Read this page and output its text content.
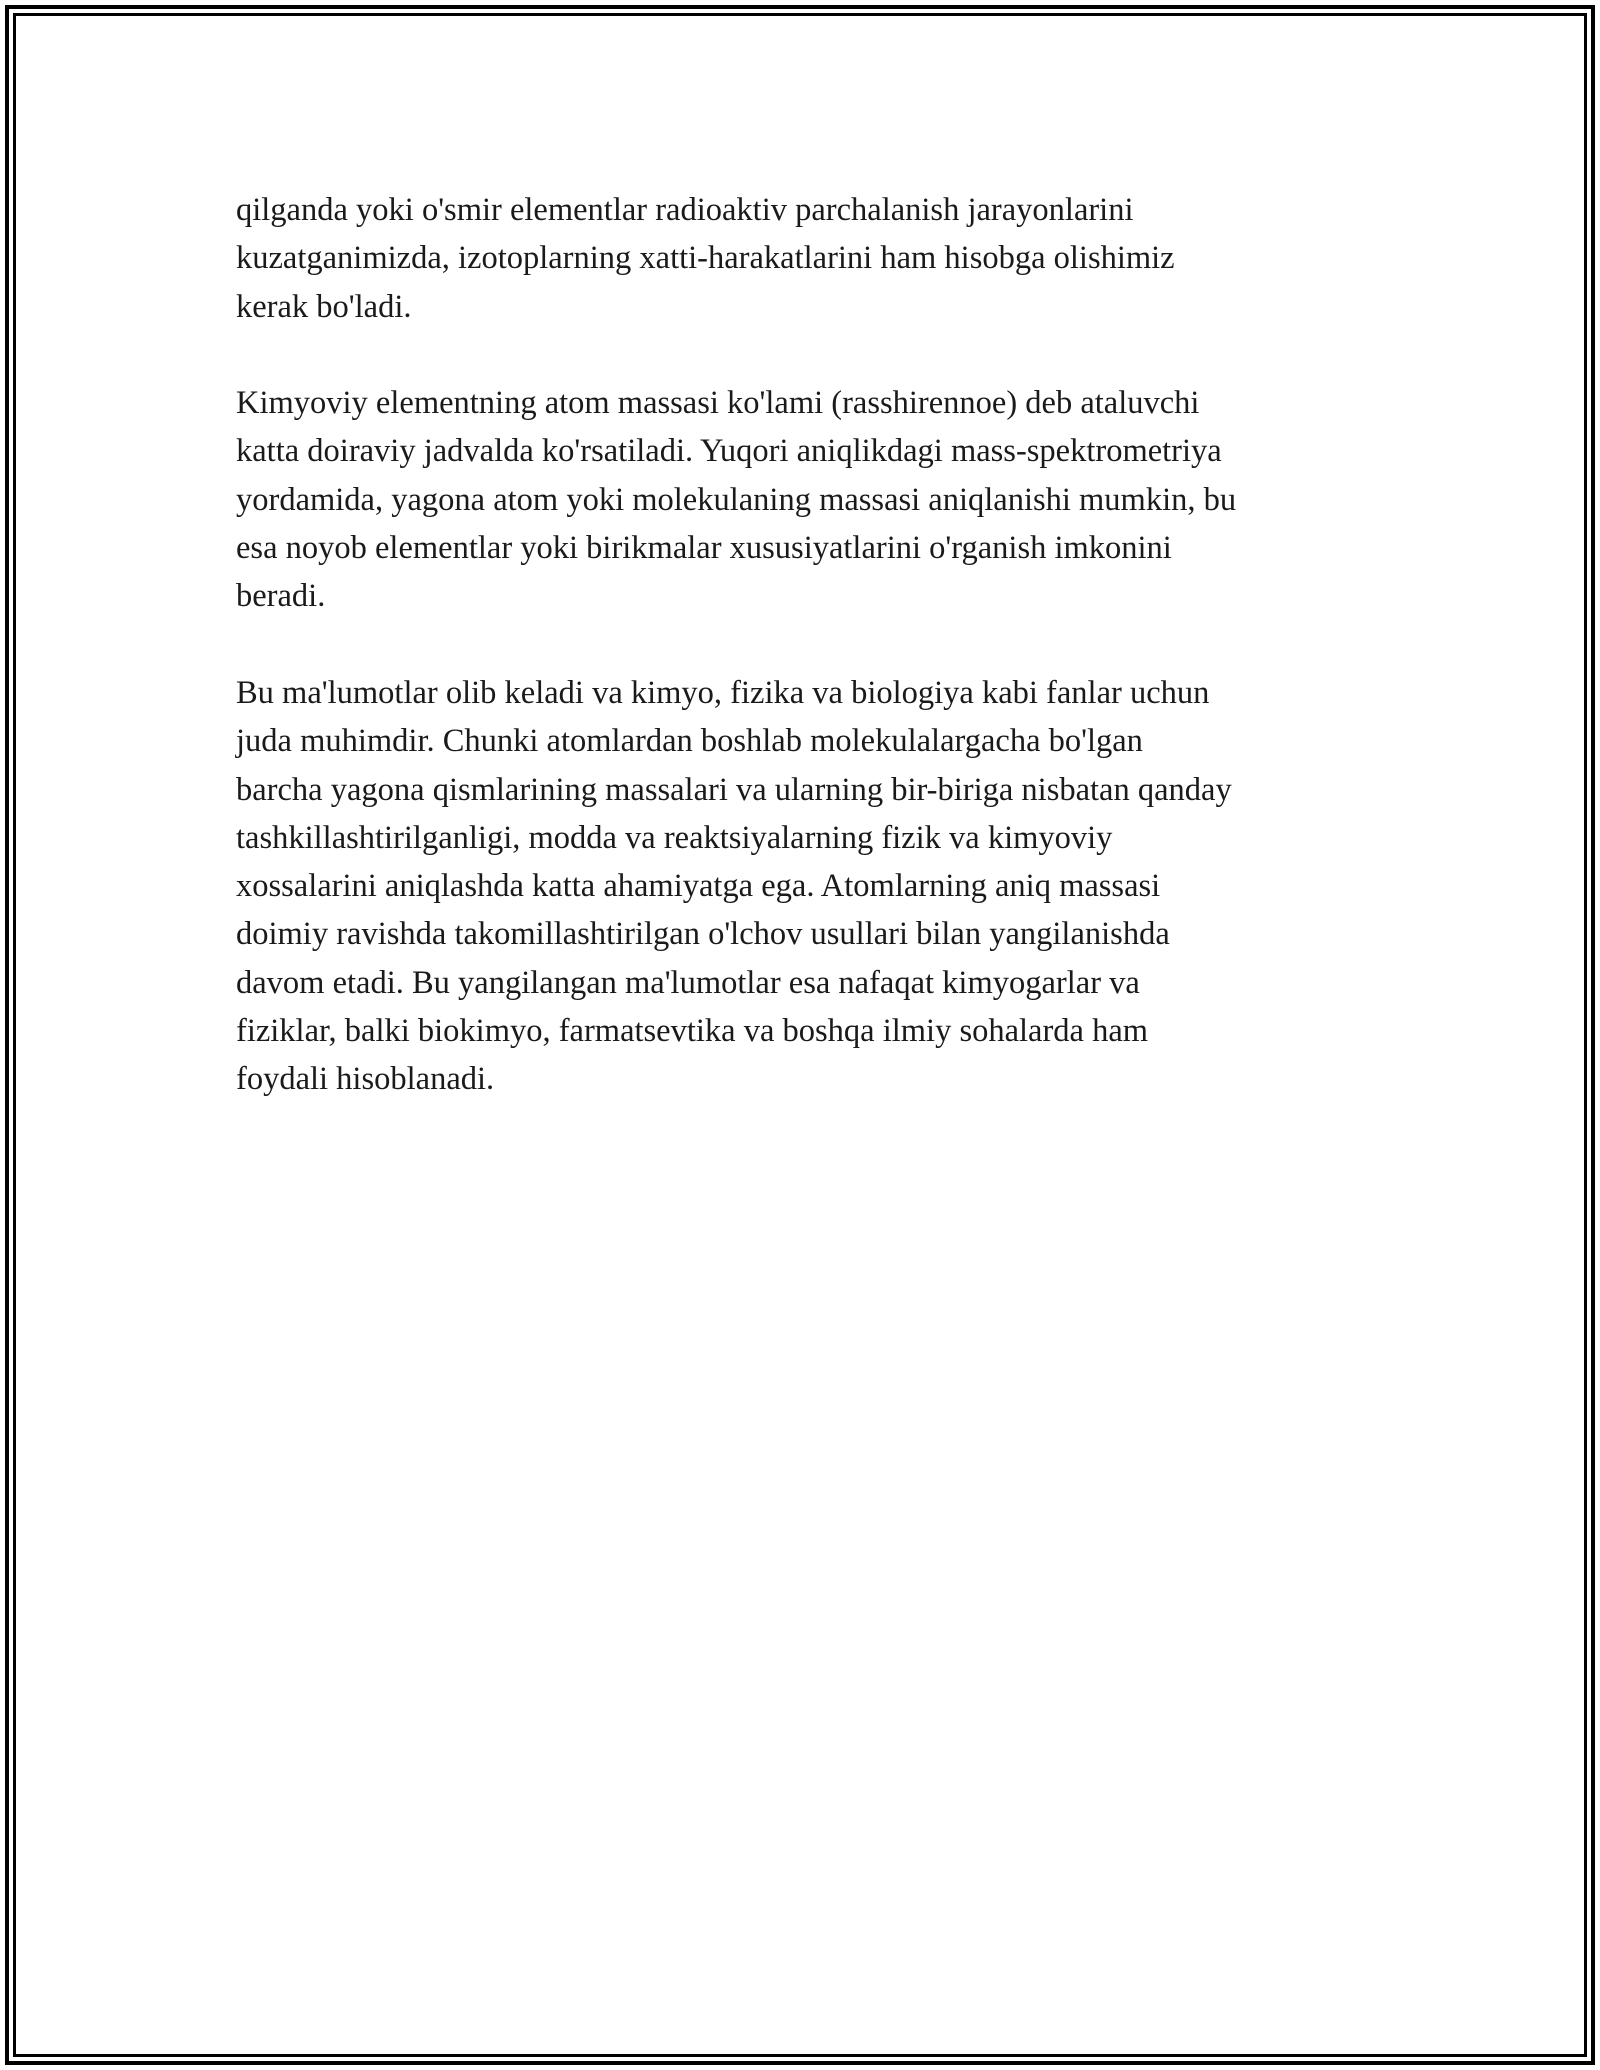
qilganda yoki o'smir elementlar radioaktiv parchalanish jarayonlarini
kuzatganimizda, izotoplarning xatti-harakatlarini ham hisobga olishimiz
kerak bo'ladi.

Kimyoviy elementning atom massasi ko'lami (rasshirennoe) deb ataluvchi
katta doiraviy jadvalda ko'rsatiladi. Yuqori aniqlikdagi mass-spektrometriya
yordamida, yagona atom yoki molekulaning massasi aniqlanishi mumkin, bu
esa noyob elementlar yoki birikmalar xususiyatlarini o'rganish imkonini
beradi.

Bu ma'lumotlar olib keladi va kimyo, fizika va biologiya kabi fanlar uchun
juda muhimdir. Chunki atomlardan boshlab molekulalargacha bo'lgan
barcha yagona qismlarining massalari va ularning bir-biriga nisbatan qanday
tashkillashtirilganligi, modda va reaktsiyalarning fizik va kimyoviy
xossalarini aniqlashda katta ahamiyatga ega. Atomlarning aniq massasi
doimiy ravishda takomillashtirilgan o'lchov usullari bilan yangilanishda
davom etadi. Bu yangilangan ma'lumotlar esa nafaqat kimyogarlar va
fiziklar, balki biokimyo, farmatsevtika va boshqa ilmiy sohalarda ham
foydali hisoblanadi.
